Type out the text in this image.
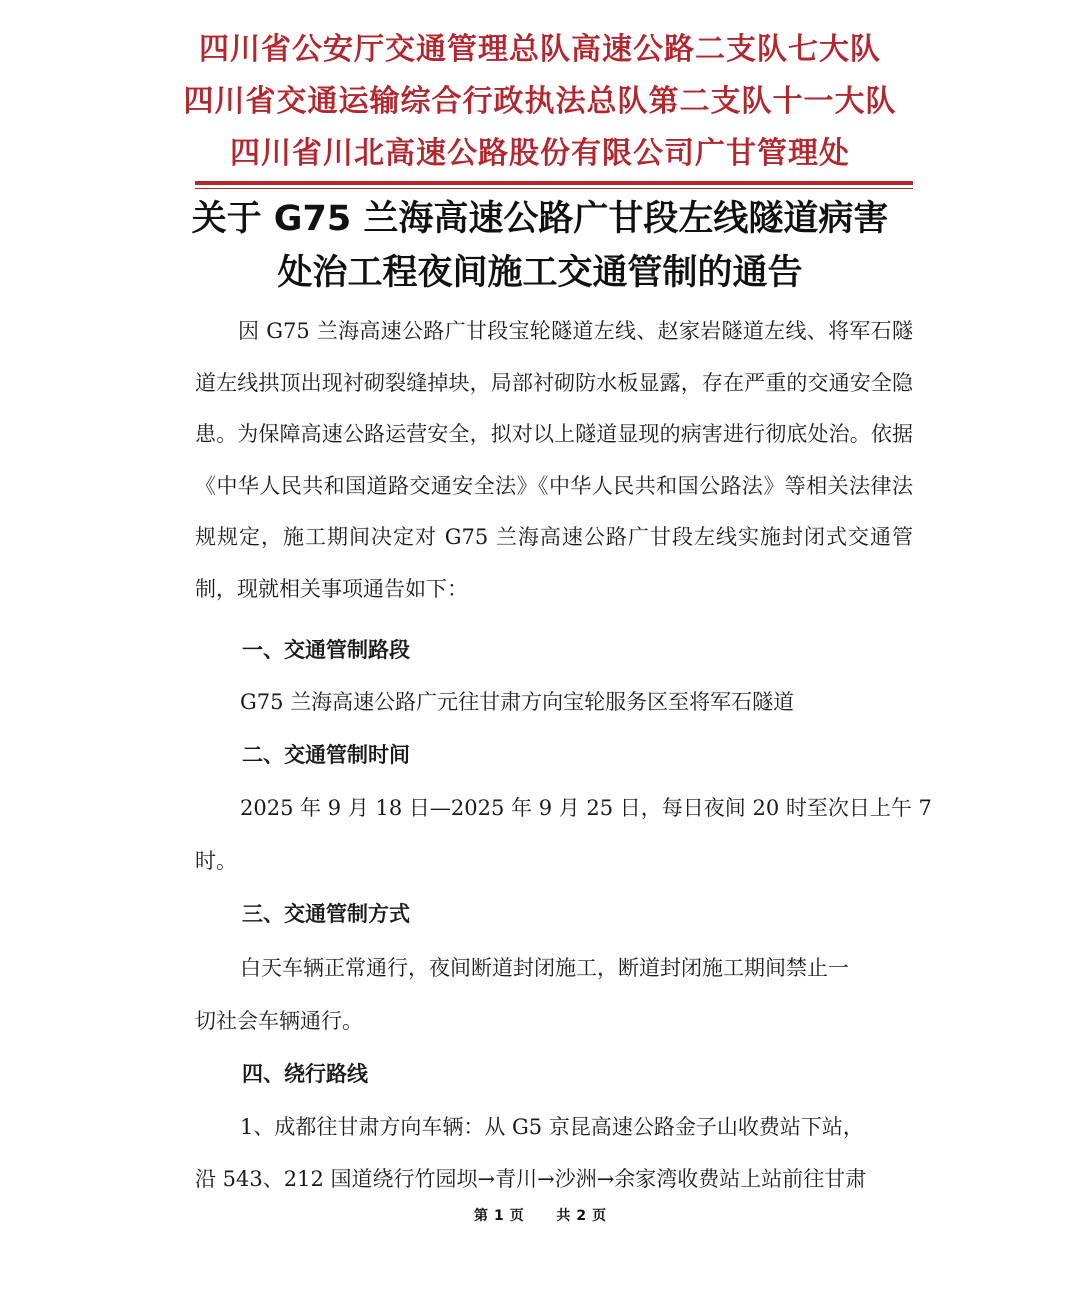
四川省公安厅交通管理总队高速公路二支队七大队
四川省交通运输综合行政执法总队第二支队十一大队
四川省川北高速公路股份有限公司广甘管理处
关于 G75 兰海高速公路广甘段左线隧道病害
处治工程夜间施工交通管制的通告

因 G75 兰海高速公路广甘段宝轮隧道左线、赵家岩隧道左线、将军石隧道左线拱顶出现衬砌裂缝掉块，局部衬砌防水板显露，存在严重的交通安全隐患。为保障高速公路运营安全，拟对以上隧道显现的病害进行彻底处治。依据《中华人民共和国道路交通安全法》《中华人民共和国公路法》等相关法律法规规定，施工期间决定对 G75 兰海高速公路广甘段左线实施封闭式交通管制，现就相关事项通告如下：

一、交通管制路段
G75 兰海高速公路广元往甘肃方向宝轮服务区至将军石隧道
二、交通管制时间
2025 年 9 月 18 日—2025 年 9 月 25 日，每日夜间 20 时至次日上午 7
时。
三、交通管制方式
白天车辆正常通行，夜间断道封闭施工，断道封闭施工期间禁止一
切社会车辆通行。
四、绕行路线
1、成都往甘肃方向车辆：从 G5 京昆高速公路金子山收费站下站，
沿 543、212 国道绕行竹园坝→青川→沙洲→余家湾收费站上站前往甘肃
第 1 页 共 2 页
